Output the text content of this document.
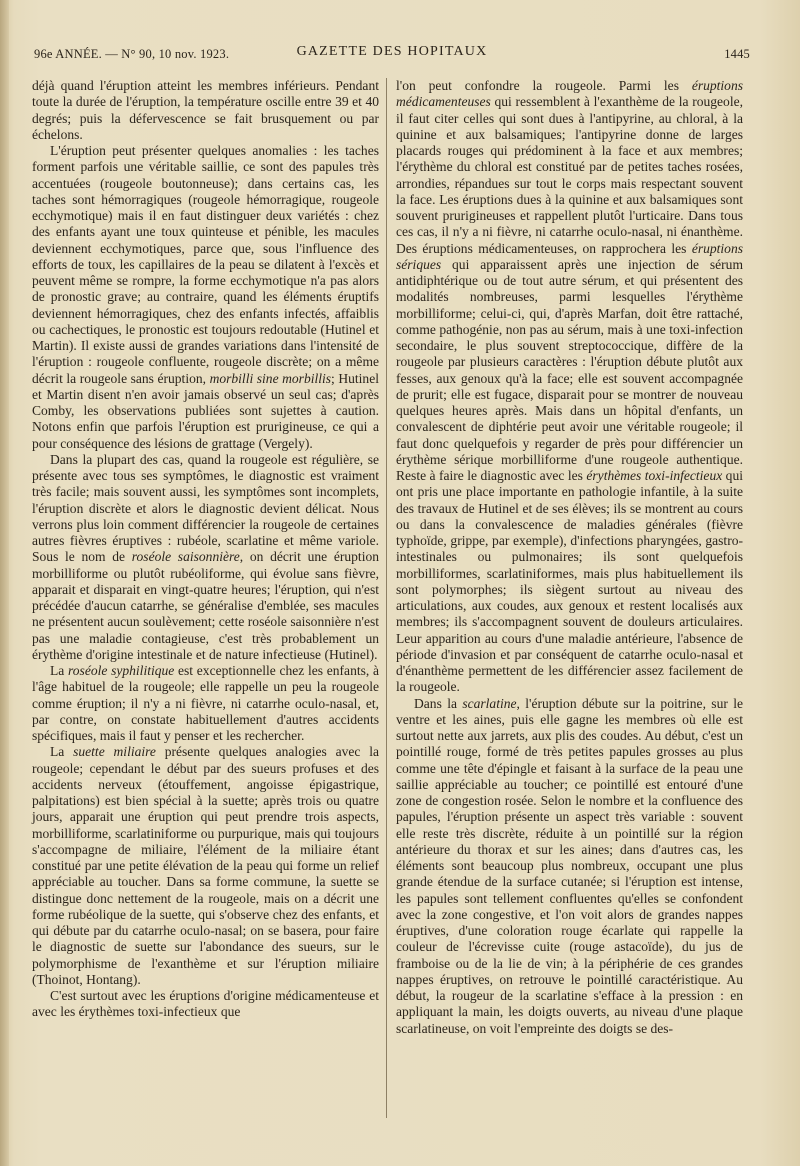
96e ANNÉE. — N° 90, 10 nov. 1923.	GAZETTE DES HOPITAUX	1445

déjà quand l'éruption atteint les membres inférieurs. Pendant toute la durée de l'éruption, la température oscille entre 39 et 40 degrés; puis la défervescence se fait brusquement ou par échelons.

L'éruption peut présenter quelques anomalies : les taches forment parfois une véritable saillie, ce sont des papules très accentuées (rougeole boutonneuse); dans certains cas, les taches sont hémorragiques (rougeole hémorragique, rougeole ecchymotique) mais il en faut distinguer deux variétés : chez des enfants ayant une toux quinteuse et pénible, les macules deviennent ecchymotiques, parce que, sous l'influence des efforts de toux, les capillaires de la peau se dilatent à l'excès et peuvent même se rompre, la forme ecchymotique n'a pas alors de pronostic grave; au contraire, quand les éléments éruptifs deviennent hémorragiques, chez des enfants infectés, affaiblis ou cachectiques, le pronostic est toujours redoutable (Hutinel et Martin). Il existe aussi de grandes variations dans l'intensité de l'éruption : rougeole confluente, rougeole discrète; on a même décrit la rougeole sans éruption, morbilli sine morbillis; Hutinel et Martin disent n'en avoir jamais observé un seul cas; d'après Comby, les observations publiées sont sujettes à caution. Notons enfin que parfois l'éruption est prurigineuse, ce qui a pour conséquence des lésions de grattage (Vergely).

Dans la plupart des cas, quand la rougeole est régulière, se présente avec tous ses symptômes, le diagnostic est vraiment très facile; mais souvent aussi, les symptômes sont incomplets, l'éruption discrète et alors le diagnostic devient délicat. Nous verrons plus loin comment différencier la rougeole de certaines autres fièvres éruptives : rubéole, scarlatine et même variole. Sous le nom de roséole saisonnière, on décrit une éruption morbilliforme ou plutôt rubéoliforme, qui évolue sans fièvre, apparait et disparait en vingt-quatre heures; l'éruption, qui n'est précédée d'aucun catarrhe, se généralise d'emblée, ses macules ne présentent aucun soulèvement; cette roséole saisonnière n'est pas une maladie contagieuse, c'est très probablement un érythème d'origine intestinale et de nature infectieuse (Hutinel).

La roséole syphilitique est exceptionnelle chez les enfants, à l'âge habituel de la rougeole; elle rappelle un peu la rougeole comme éruption; il n'y a ni fièvre, ni catarrhe oculo-nasal, et, par contre, on constate habituellement d'autres accidents spécifiques, mais il faut y penser et les rechercher.

La suette miliaire présente quelques analogies avec la rougeole; cependant le début par des sueurs profuses et des accidents nerveux (étouffement, angoisse épigastrique, palpitations) est bien spécial à la suette; après trois ou quatre jours, apparait une éruption qui peut prendre trois aspects, morbilliforme, scarlatiniforme ou purpurique, mais qui toujours s'accompagne de miliaire, l'élément de la miliaire étant constitué par une petite élévation de la peau qui forme un relief appréciable au toucher. Dans sa forme commune, la suette se distingue donc nettement de la rougeole, mais on a décrit une forme rubéolique de la suette, qui s'observe chez des enfants, et qui débute par du catarrhe oculo-nasal; on se basera, pour faire le diagnostic de suette sur l'abondance des sueurs, sur le polymorphisme de l'exanthème et sur l'éruption miliaire (Thoinot, Hontang).

C'est surtout avec les éruptions d'origine médicamenteuse et avec les érythèmes toxi-infectieux que

l'on peut confondre la rougeole. Parmi les éruptions médicamenteuses qui ressemblent à l'exanthème de la rougeole, il faut citer celles qui sont dues à l'antipyrine, au chloral, à la quinine et aux balsamiques; l'antipyrine donne de larges placards rouges qui prédominent à la face et aux membres; l'érythème du chloral est constitué par de petites taches rosées, arrondies, répandues sur tout le corps mais respectant souvent la face. Les éruptions dues à la quinine et aux balsamiques sont souvent prurigineuses et rappellent plutôt l'urticaire. Dans tous ces cas, il n'y a ni fièvre, ni catarrhe oculo-nasal, ni énanthème. Des éruptions médicamenteuses, on rapprochera les éruptions sériques qui apparaissent après une injection de sérum antidiphtérique ou de tout autre sérum, et qui présentent des modalités nombreuses, parmi lesquelles l'érythème morbilliforme; celui-ci, qui, d'après Marfan, doit être rattaché, comme pathogénie, non pas au sérum, mais à une toxi-infection secondaire, le plus souvent streptococcique, diffère de la rougeole par plusieurs caractères : l'éruption débute plutôt aux fesses, aux genoux qu'à la face; elle est souvent accompagnée de prurit; elle est fugace, disparait pour se montrer de nouveau quelques heures après. Mais dans un hôpital d'enfants, un convalescent de diphtérie peut avoir une véritable rougeole; il faut donc quelquefois y regarder de près pour différencier un érythème sérique morbilliforme d'une rougeole authentique. Reste à faire le diagnostic avec les érythèmes toxi-infectieux qui ont pris une place importante en pathologie infantile, à la suite des travaux de Hutinel et de ses élèves; ils se montrent au cours ou dans la convalescence de maladies générales (fièvre typhoïde, grippe, par exemple), d'infections pharyngées, gastro-intestinales ou pulmonaires; ils sont quelquefois morbilliformes, scarlatiniformes, mais plus habituellement ils sont polymorphes; ils siègent surtout au niveau des articulations, aux coudes, aux genoux et restent localisés aux membres; ils s'accompagnent souvent de douleurs articulaires. Leur apparition au cours d'une maladie antérieure, l'absence de période d'invasion et par conséquent de catarrhe oculo-nasal et d'énanthème permettent de les différencier assez facilement de la rougeole.

Dans la scarlatine, l'éruption débute sur la poitrine, sur le ventre et les aines, puis elle gagne les membres où elle est surtout nette aux jarrets, aux plis des coudes. Au début, c'est un pointillé rouge, formé de très petites papules grosses au plus comme une tête d'épingle et faisant à la surface de la peau une saillie appréciable au toucher; ce pointillé est entouré d'une zone de congestion rosée. Selon le nombre et la confluence des papules, l'éruption présente un aspect très variable : souvent elle reste très discrète, réduite à un pointillé sur la région antérieure du thorax et sur les aines; dans d'autres cas, les éléments sont beaucoup plus nombreux, occupant une plus grande étendue de la surface cutanée; si l'éruption est intense, les papules sont tellement confluentes qu'elles se confondent avec la zone congestive, et l'on voit alors de grandes nappes éruptives, d'une coloration rouge écarlate qui rappelle la couleur de l'écrevisse cuite (rouge astacoïde), du jus de framboise ou de la lie de vin; à la périphérie de ces grandes nappes éruptives, on retrouve le pointillé caractéristique. Au début, la rougeur de la scarlatine s'efface à la pression : en appliquant la main, les doigts ouverts, au niveau d'une plaque scarlatineuse, on voit l'empreinte des doigts se des-
